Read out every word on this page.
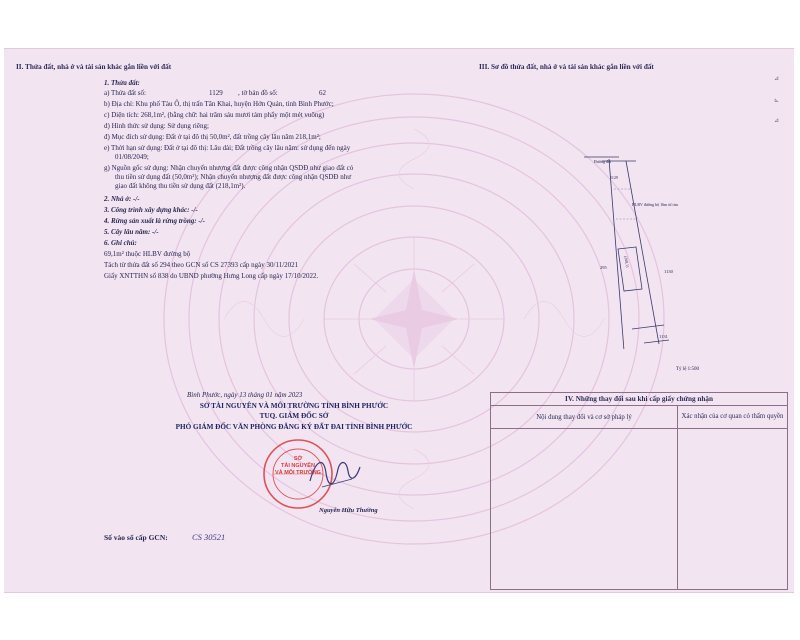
II. Thửa đất, nhà ở và tài sản khác gắn liền với đất
1. Thửa đất:
a) Thửa đất số:	1129 , tờ bản đồ số:	62
b) Địa chỉ: Khu phố Tàu Ô, thị trấn Tân Khai, huyện Hớn Quản, tỉnh Bình Phước;
c) Diện tích: 268,1m², (bằng chữ: hai trăm sáu mươi tám phẩy một mét vuông)
d) Hình thức sử dụng: Sử dụng riêng;
đ) Mục đích sử dụng: Đất ở tại đô thị 50,0m², đất trồng cây lâu năm 218,1m²;
e) Thời hạn sử dụng: Đất ở tại đô thị: Lâu dài; Đất trồng cây lâu năm: sử dụng đến ngày
01/08/2049;
g) Nguồn gốc sử dụng: Nhận chuyển nhượng đất được công nhận QSDĐ như giao đất có
thu tiền sử dụng đất (50,0m²); Nhận chuyển nhượng đất được công nhận QSDĐ như
giao đất không thu tiền sử dụng đất (218,1m²).
2. Nhà ở: -/-
3. Công trình xây dựng khác: -/-
4. Rừng sản xuất là rừng trồng: -/-
5. Cây lâu năm: -/-
6. Ghi chú:
69,1m² thuộc HLBV đường bộ
Tách từ thửa đất số 294 theo GCN số CS 27393 cấp ngày 30/11/2021
Giấy XNTTHN số 838 do UBND phường Hưng Long cấp ngày 17/10/2022.
III. Sơ đồ thửa đất, nhà ở và tài sản khác gắn liền với đất
Đường đất
HLBV đường bộ 16m từ tim
1129
(268,1)
295
1130
1131
Tỷ lệ 1:500
⊿
⊾
⊿
Bình Phước, ngày 13 tháng 01 năm 2023
SỞ TÀI NGUYÊN VÀ MÔI TRƯỜNG TỈNH BÌNH PHƯỚC
TUQ. GIÁM ĐỐC SỞ
PHÓ GIÁM ĐỐC VĂN PHÒNG ĐĂNG KÝ ĐẤT ĐAI TỈNH BÌNH PHƯỚC
SỞ
TÀI NGUYÊN
VÀ MÔI TRƯỜNG
Nguyễn Hữu Thường
Số vào sổ cấp GCN:	CS 30521
IV. Những thay đổi sau khi cấp giấy chứng nhận
Nội dung thay đổi và cơ sở pháp lý	Xác nhận của cơ quan có thẩm quyền
